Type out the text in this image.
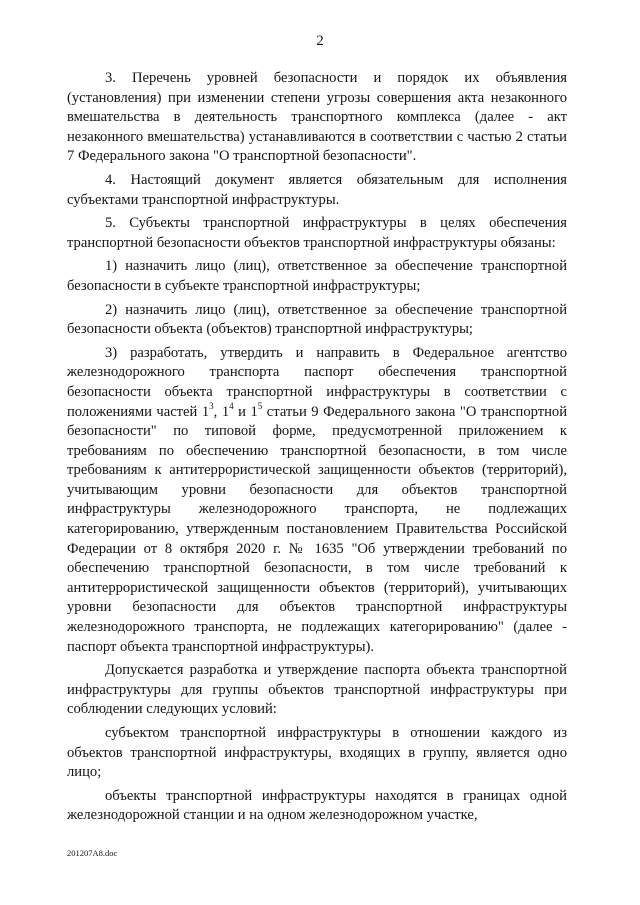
2

3. Перечень уровней безопасности и порядок их объявления (установления) при изменении степени угрозы совершения акта незаконного вмешательства в деятельность транспортного комплекса (далее - акт незаконного вмешательства) устанавливаются в соответствии с частью 2 статьи 7 Федерального закона "О транспортной безопасности".

4. Настоящий документ является обязательным для исполнения субъектами транспортной инфраструктуры.

5. Субъекты транспортной инфраструктуры в целях обеспечения транспортной безопасности объектов транспортной инфраструктуры обязаны:

1) назначить лицо (лиц), ответственное за обеспечение транспортной безопасности в субъекте транспортной инфраструктуры;

2) назначить лицо (лиц), ответственное за обеспечение транспортной безопасности объекта (объектов) транспортной инфраструктуры;

3) разработать, утвердить и направить в Федеральное агентство железнодорожного транспорта паспорт обеспечения транспортной безопасности объекта транспортной инфраструктуры в соответствии с положениями частей $1^3$, $1^4$ и $1^5$ статьи 9 Федерального закона "О транспортной безопасности" по типовой форме, предусмотренной приложением к требованиям по обеспечению транспортной безопасности, в том числе требованиям к антитеррористической защищенности объектов (территорий), учитывающим уровни безопасности для объектов транспортной инфраструктуры железнодорожного транспорта, не подлежащих категорированию, утвержденным постановлением Правительства Российской Федерации от 8 октября 2020 г. № 1635 "Об утверждении требований по обеспечению транспортной безопасности, в том числе требований к антитеррористической защищенности объектов (территорий), учитывающих уровни безопасности для объектов транспортной инфраструктуры железнодорожного транспорта, не подлежащих категорированию" (далее - паспорт объекта транспортной инфраструктуры).

Допускается разработка и утверждение паспорта объекта транспортной инфраструктуры для группы объектов транспортной инфраструктуры при соблюдении следующих условий:

субъектом транспортной инфраструктуры в отношении каждого из объектов транспортной инфраструктуры, входящих в группу, является одно лицо;

объекты транспортной инфраструктуры находятся в границах одной железнодорожной станции и на одном железнодорожном участке,

201207A8.doc
